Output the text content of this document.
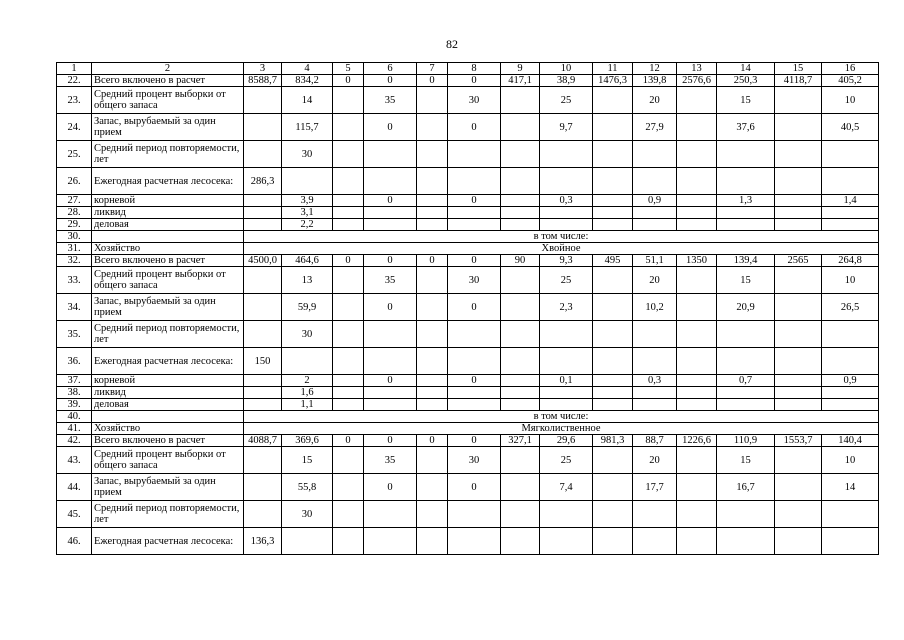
82
1	2	3	4	5	6	7	8	9	10	11	12	13	14	15	16
22.	Всего включено в расчет	8588,7	834,2	0	0	0	0	417,1	38,9	1476,3	139,8	2576,6	250,3	4118,7	405,2
23.	Средний процент выборки от общего запаса		14		35		30		25		20		15		10
24.	Запас, вырубаемый за один прием		115,7		0		0		9,7		27,9		37,6		40,5
25.	Средний период повторяемости, лет		30												
26.	Ежегодная расчетная лесосека:	286,3													
27.	корневой		3,9		0		0		0,3		0,9		1,3		1,4
28.	ликвид		3,1												
29.	деловая		2,2												
30.		в том числе:													
31.	Хозяйство	Хвойное													
32.	Всего включено в расчет	4500,0	464,6	0	0	0	0	90	9,3	495	51,1	1350	139,4	2565	264,8
33.	Средний процент выборки от общего запаса		13		35		30		25		20		15		10
34.	Запас, вырубаемый за один прием		59,9		0		0		2,3		10,2		20,9		26,5
35.	Средний период повторяемости, лет		30												
36.	Ежегодная расчетная лесосека:	150													
37.	корневой		2		0		0		0,1		0,3		0,7		0,9
38.	ликвид		1,6												
39.	деловая		1,1												
40.		в том числе:													
41.	Хозяйство	Мягколиственное													
42.	Всего включено в расчет	4088,7	369,6	0	0	0	0	327,1	29,6	981,3	88,7	1226,6	110,9	1553,7	140,4
43.	Средний процент выборки от общего запаса		15		35		30		25		20		15		10
44.	Запас, вырубаемый за один прием		55,8		0		0		7,4		17,7		16,7		14
45.	Средний период повторяемости, лет		30												
46.	Ежегодная расчетная лесосека:	136,3													
